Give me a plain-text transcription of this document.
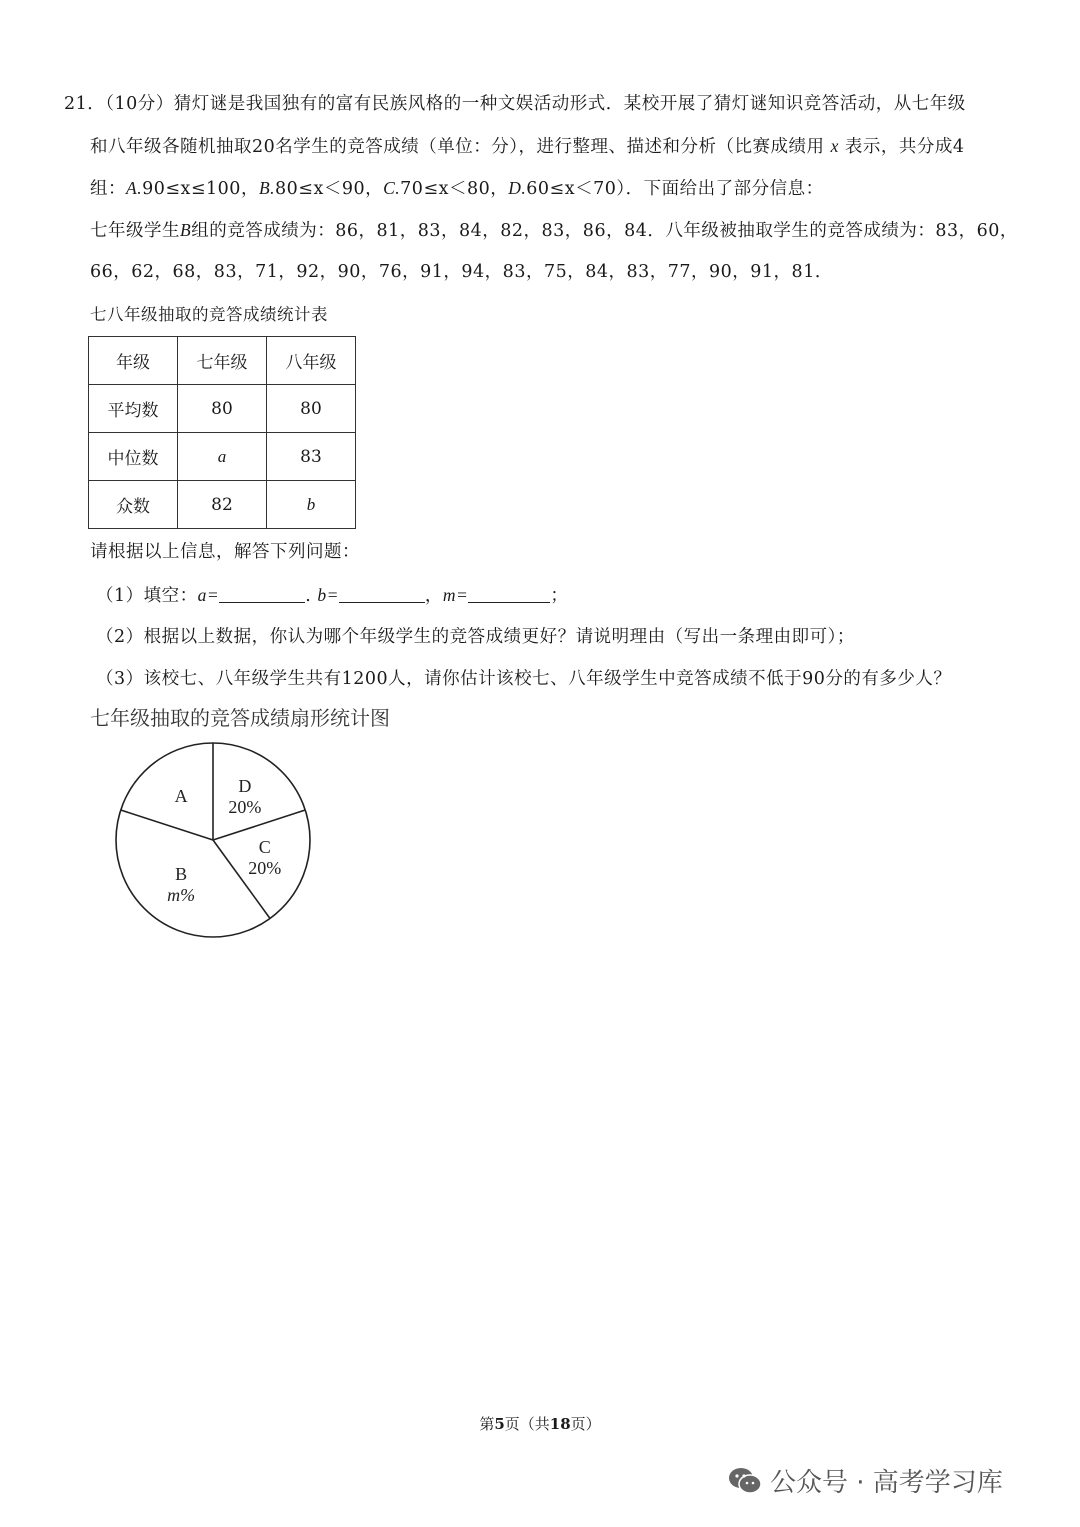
21．（10分）猜灯谜是我国独有的富有民族风格的一种文娱活动形式．某校开展了猜灯谜知识竞答活动，从七年级
和八年级各随机抽取20名学生的竞答成绩（单位：分），进行整理、描述和分析（比赛成绩用 x 表示，共分成4
组：A.90≤x≤100，B.80≤x＜90，C.70≤x＜80，D.60≤x＜70）．下面给出了部分信息：
七年级学生B组的竞答成绩为：86，81，83，84，82，83，86，84．八年级被抽取学生的竞答成绩为：83，60，
66，62，68，83，71，92，90，76，91，94，83，75，84，83，77，90，91，81．
七八年级抽取的竞答成绩统计表
年级	七年级	八年级
平均数	80	80
中位数	a	83
众数	82	b
请根据以上信息，解答下列问题：
（1）填空：a=	. b=	，m=	；
（2）根据以上数据，你认为哪个年级学生的竞答成绩更好？请说明理由（写出一条理由即可）；
（3）该校七、八年级学生共有1200人，请你估计该校七、八年级学生中竞答成绩不低于90分的有多少人？
七年级抽取的竞答成绩扇形统计图
D
20%
C
20%
B
m%
A
第5页（共18页）
公众号 · 高考学习库
